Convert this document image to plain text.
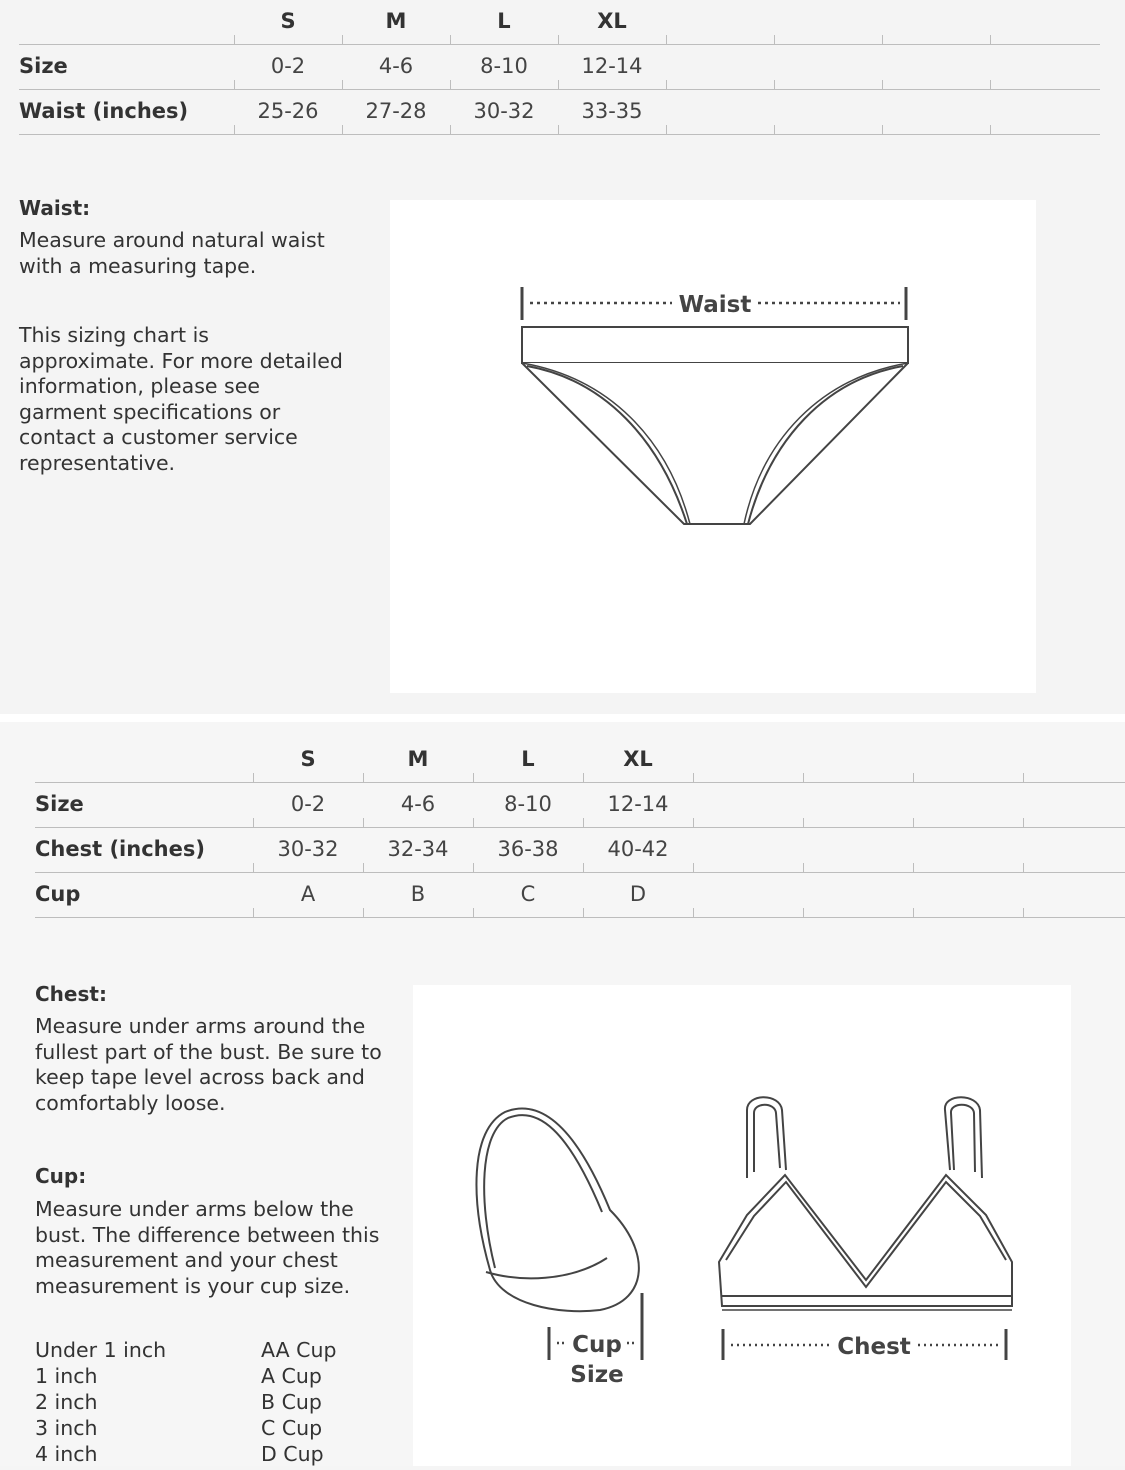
	S	M	L	XL				
Size	0-2	4-6	8-10	12-14				
Waist (inches)	25-26	27-28	30-32	33-35				

Waist:

Measure around natural waist with a measuring tape.

This sizing chart is approximate. For more detailed information, please see garment specifications or contact a customer service representative.

Waist
	S	M	L	XL				
Size	0-2	4-6	8-10	12-14				
Chest (inches)	30-32	32-34	36-38	40-42				
Cup	A	B	C	D				

Chest:

Measure under arms around the fullest part of the bust. Be sure to keep tape level across back and comfortably loose.

Cup:

Measure under arms below the bust. The difference between this measurement and your chest measurement is your cup size.

Under 1 inch	AA Cup
1 inch	A Cup
2 inch	B Cup
3 inch	C Cup
4 inch	D Cup
Cup
Size
Chest
